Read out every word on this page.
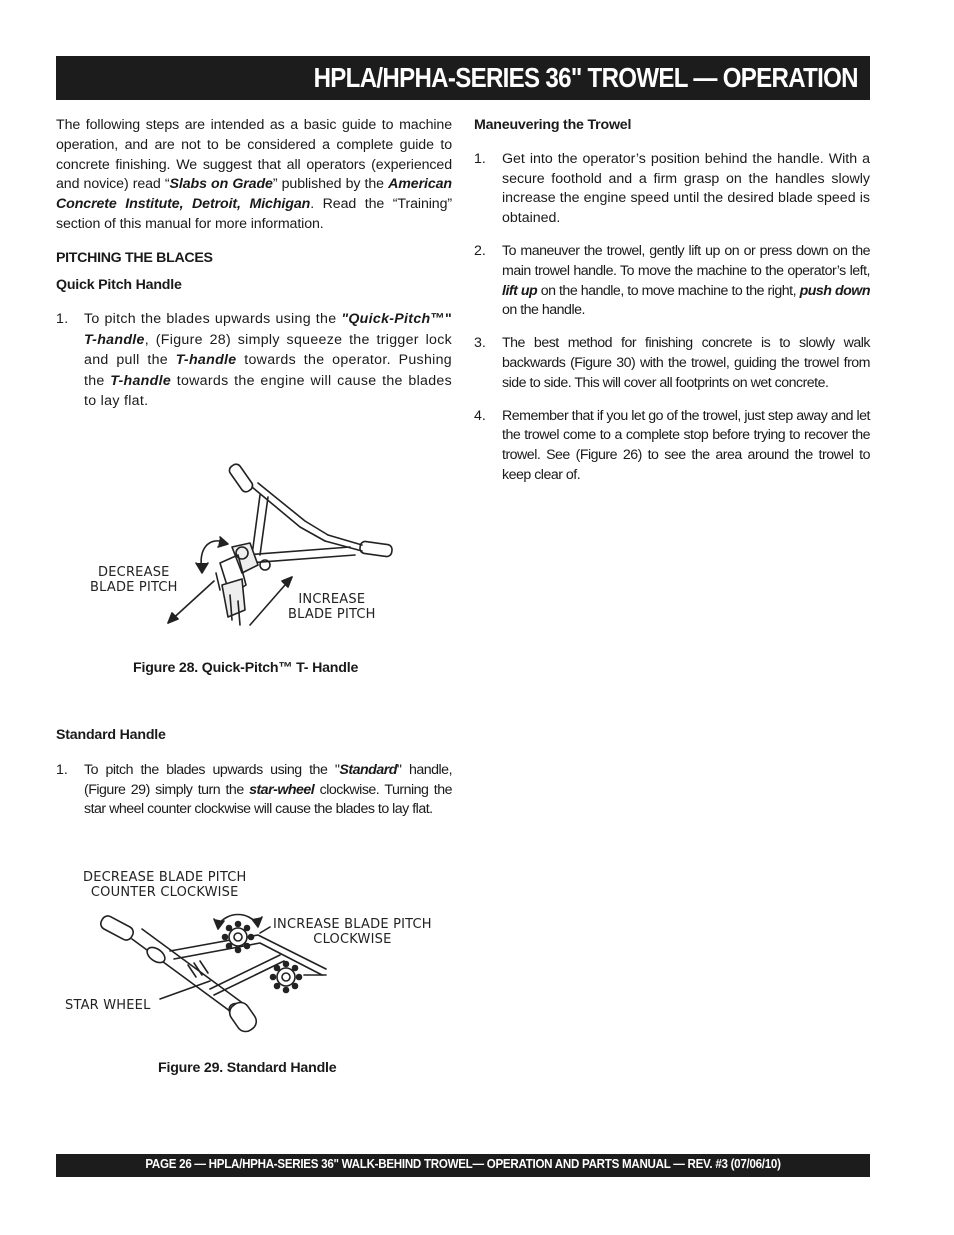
HPLA/HPHA-SERIES 36" TROWEL — OPERATION

The following steps are intended as a basic guide to machine operation, and are not to be considered a complete guide to concrete finishing. We suggest that all operators (experienced and novice) read “Slabs on Grade” published by the American Concrete Institute, Detroit, Michigan. Read the “Training” section of this manual for more information.

PITCHING THE BLACES

Quick Pitch Handle

1. To pitch the blades upwards using the "Quick-Pitch™" T-handle, (Figure 28) simply squeeze the trigger lock and pull the T-handle towards the operator. Pushing the T-handle towards the engine will cause the blades to lay flat.
DECREASE
BLADE PITCH
INCREASE
BLADE PITCH
Figure 28. Quick-Pitch™ T- Handle

Standard Handle

1. To pitch the blades upwards using the "Standard" handle, (Figure 29) simply turn the star-wheel clockwise. Turning the star wheel counter clockwise will cause the blades to lay flat.
DECREASE BLADE PITCH
COUNTER CLOCKWISE
INCREASE BLADE PITCH
CLOCKWISE
STAR WHEEL
Figure 29. Standard Handle

Maneuvering the Trowel

1. Get into the operator’s position behind the handle. With a secure foothold and a firm grasp on the handles slowly increase the engine speed until the desired blade speed is obtained.
2. To maneuver the trowel, gently lift up on or press down on the main trowel handle. To move the machine to the operator’s left, lift up on the handle, to move machine to the right, push down on the handle.
3. The best method for finishing concrete is to slowly walk backwards (Figure 30) with the trowel, guiding the trowel from side to side. This will cover all footprints on wet concrete.
4. Remember that if you let go of the trowel, just step away and let the trowel come to a complete stop before trying to recover the trowel. See (Figure 26) to see the area around the trowel to keep clear of.
PAGE 26 — HPLA/HPHA-SERIES 36" WALK-BEHIND TROWEL— OPERATION AND PARTS MANUAL — REV. #3 (07/06/10)
